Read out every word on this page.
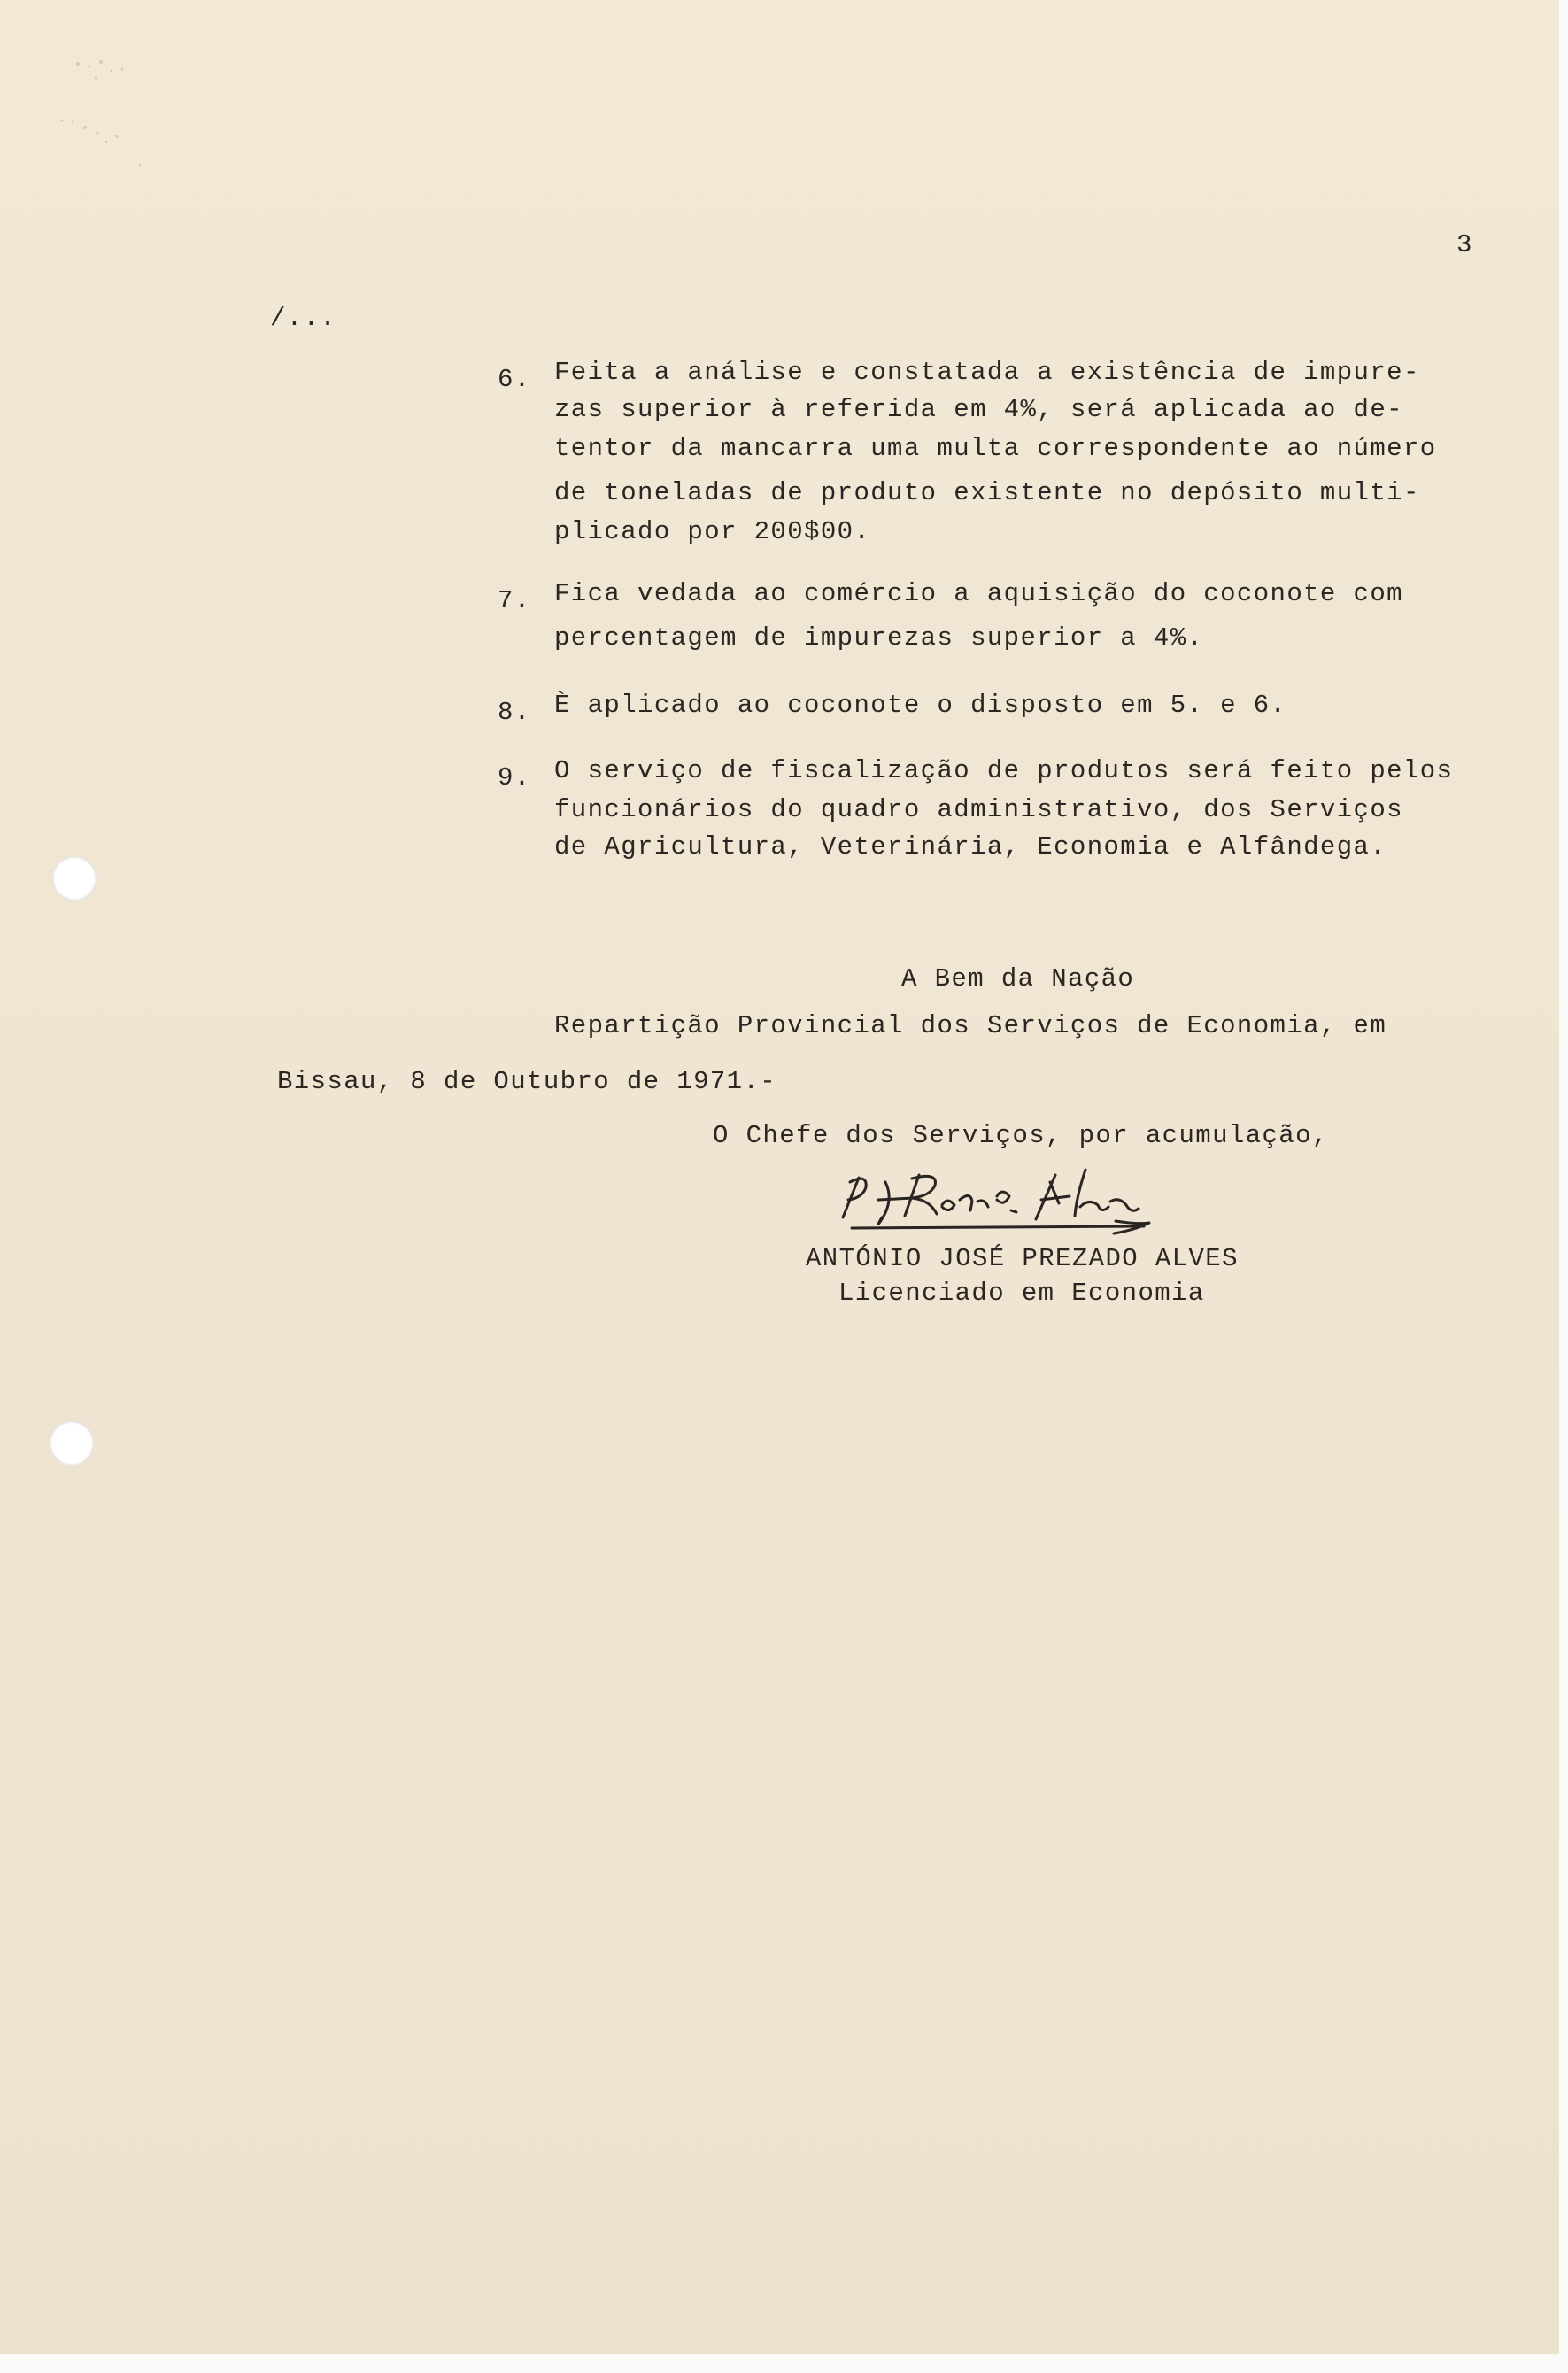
3
/...
6. Feita a análise e constatada a existência de impure-
zas superior à referida em 4%, será aplicada ao de-
tentor da mancarra uma multa correspondente ao número
de toneladas de produto existente no depósito multi-
plicado por 200$00.
7. Fica vedada ao comércio a aquisição do coconote com
percentagem de impurezas superior a 4%.
8. È aplicado ao coconote o disposto em 5. e 6.
9. O serviço de fiscalização de produtos será feito pelos
funcionários do quadro administrativo, dos Serviços
de Agricultura, Veterinária, Economia e Alfândega.
A Bem da Nação
Repartição Provincial dos Serviços de Economia, em
Bissau, 8 de Outubro de 1971.-
O Chefe dos Serviços, por acumulação,
ANTÓNIO JOSÉ PREZADO ALVES
Licenciado em Economia
